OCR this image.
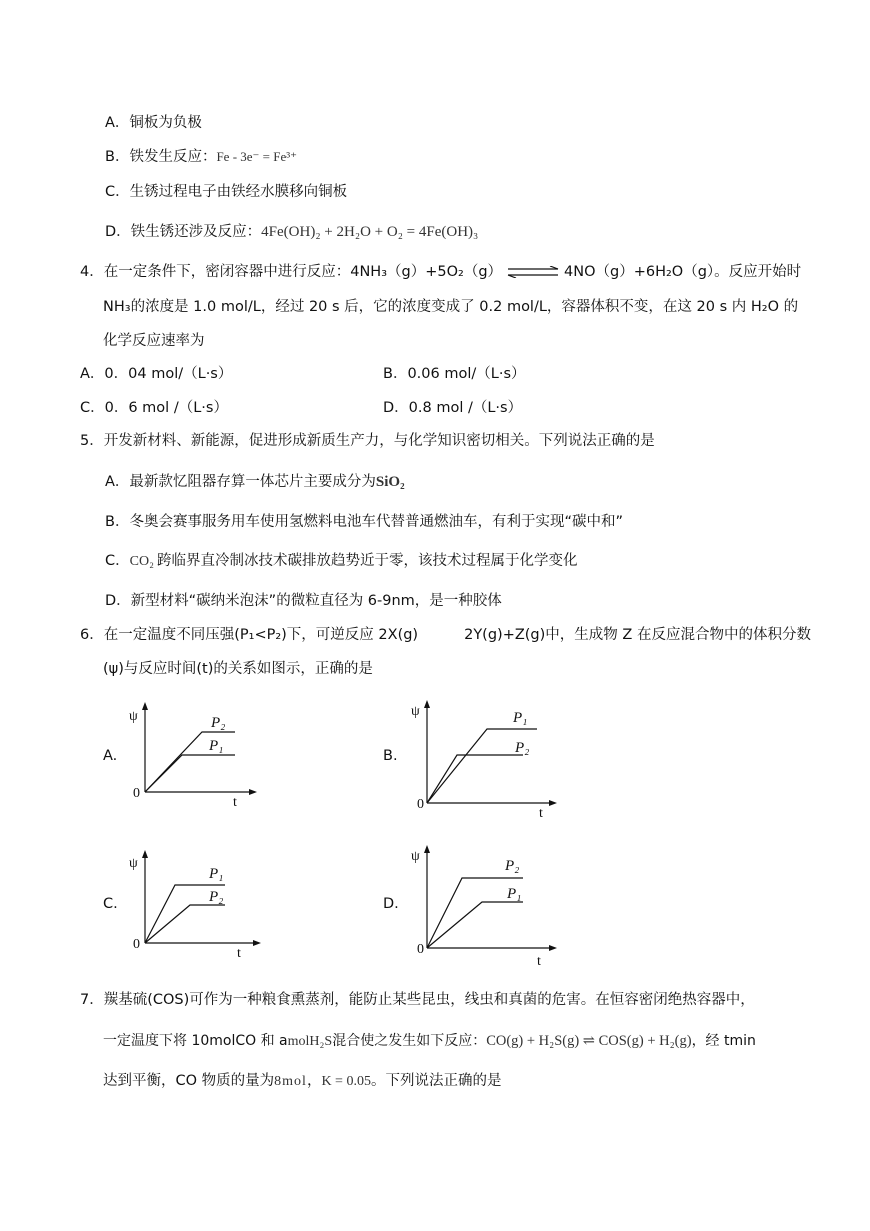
A．铜板为负极
B．铁发生反应：Fe - 3e⁻ = Fe³⁺
C．生锈过程电子由铁经水膜移向铜板
D．铁生锈还涉及反应：4Fe(OH)₂ + 2H₂O + O₂ = 4Fe(OH)₃
4．在一定条件下，密闭容器中进行反应：4NH₃（g）+5O₂（g） ⇌ 4NO（g）+6H₂O（g）。反应开始时
NH₃的浓度是 1.0 mol/L，经过 20 s 后，它的浓度变成了 0.2 mol/L，容器体积不变，在这 20 s 内 H₂O 的
化学反应速率为
A．0．04 mol/（L·s）	B．0.06 mol/（L·s）
C．0．6 mol /（L·s）	D．0.8 mol /（L·s）
5．开发新材料、新能源，促进形成新质生产力，与化学知识密切相关。下列说法正确的是
A．最新款忆阻器存算一体芯片主要成分为SiO₂
B．冬奥会赛事服务用车使用氢燃料电池车代替普通燃油车，有利于实现“碳中和”
C．CO₂ 跨临界直冷制冰技术碳排放趋势近于零，该技术过程属于化学变化
D．新型材料“碳纳米泡沫”的微粒直径为 6-9nm，是一种胶体
6．在一定温度不同压强(P₁<P₂)下，可逆反应 2X(g)	2Y(g)+Z(g)中，生成物 Z 在反应混合物中的体积分数
(ψ)与反应时间(t)的关系如图示，正确的是
A.	B.
C.	D.
ψ
0
t
P₂
P₁
ψ
0
t
P₁
P₂
ψ
0
t
P₁
P₂
ψ
0
t
P₂
P₁
7．羰基硫(COS)可作为一种粮食熏蒸剂，能防止某些昆虫，线虫和真菌的危害。在恒容密闭绝热容器中，
一定温度下将 10molCO 和 amolH₂S混合使之发生如下反应：CO(g) + H₂S(g) ⇌ COS(g) + H₂(g)，经 tmin
达到平衡，CO 物质的量为8mol，K = 0.05。下列说法正确的是
